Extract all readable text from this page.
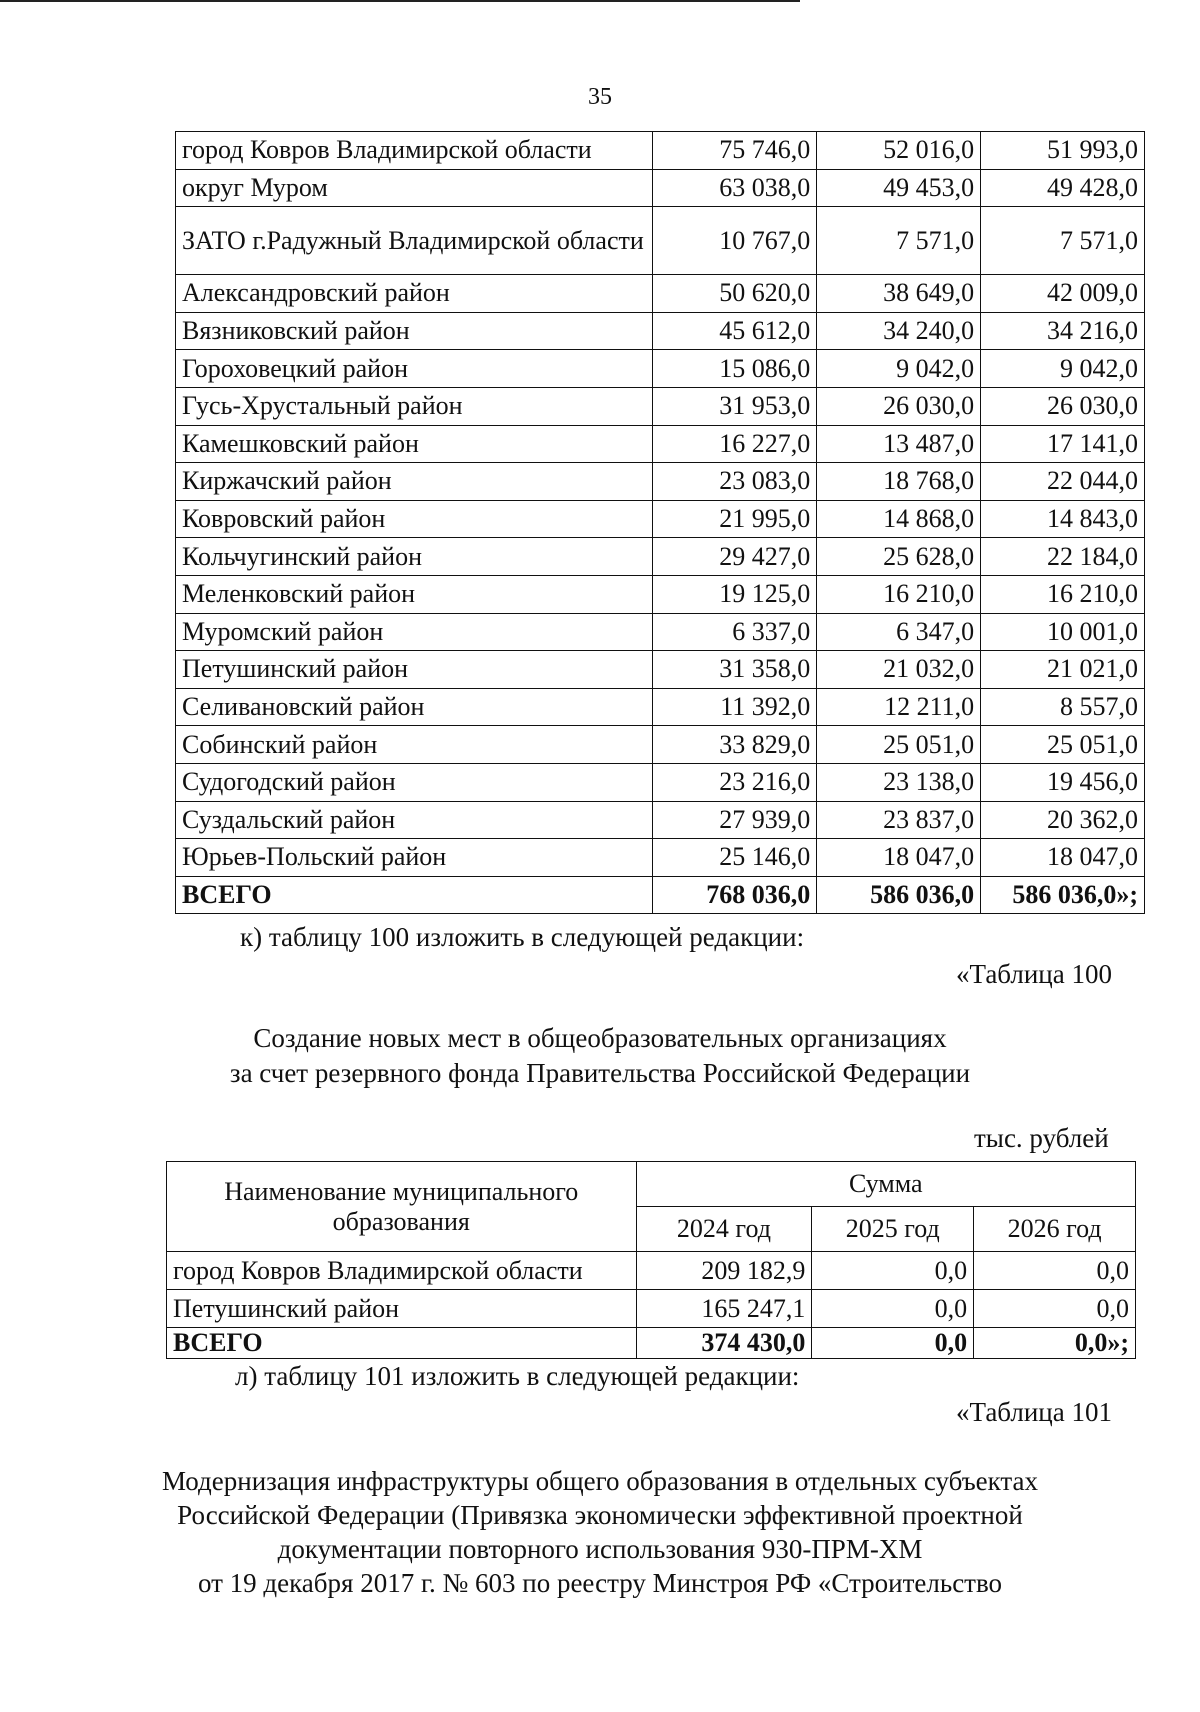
35
город Ковров Владимирской области	75 746,0	52 016,0	51 993,0
округ Муром	63 038,0	49 453,0	49 428,0
ЗАТО г.Радужный Владимирской области	10 767,0	7 571,0	7 571,0
Александровский район	50 620,0	38 649,0	42 009,0
Вязниковский район	45 612,0	34 240,0	34 216,0
Гороховецкий район	15 086,0	9 042,0	9 042,0
Гусь-Хрустальный район	31 953,0	26 030,0	26 030,0
Камешковский район	16 227,0	13 487,0	17 141,0
Киржачский район	23 083,0	18 768,0	22 044,0
Ковровский район	21 995,0	14 868,0	14 843,0
Кольчугинский район	29 427,0	25 628,0	22 184,0
Меленковский район	19 125,0	16 210,0	16 210,0
Муромский район	6 337,0	6 347,0	10 001,0
Петушинский район	31 358,0	21 032,0	21 021,0
Селивановский район	11 392,0	12 211,0	8 557,0
Собинский район	33 829,0	25 051,0	25 051,0
Судогодский район	23 216,0	23 138,0	19 456,0
Суздальский район	27 939,0	23 837,0	20 362,0
Юрьев-Польский район	25 146,0	18 047,0	18 047,0
ВСЕГО	768 036,0	586 036,0	586 036,0»;
к) таблицу 100 изложить в следующей редакции:
«Таблица 100
Создание новых мест в общеобразовательных организациях
за счет резервного фонда Правительства Российской Федерации
тыс. рублей
Наименование муниципального образования	Сумма		
	2024 год	2025 год	2026 год
город Ковров Владимирской области	209 182,9	0,0	0,0
Петушинский район	165 247,1	0,0	0,0
ВСЕГО	374 430,0	0,0	0,0»;
л) таблицу 101 изложить в следующей редакции:
«Таблица 101
Модернизация инфраструктуры общего образования в отдельных субъектах
Российской Федерации (Привязка экономически эффективной проектной
документации повторного использования 930-ПРМ-ХМ
от 19 декабря 2017 г. № 603 по реестру Минстроя РФ «Строительство
